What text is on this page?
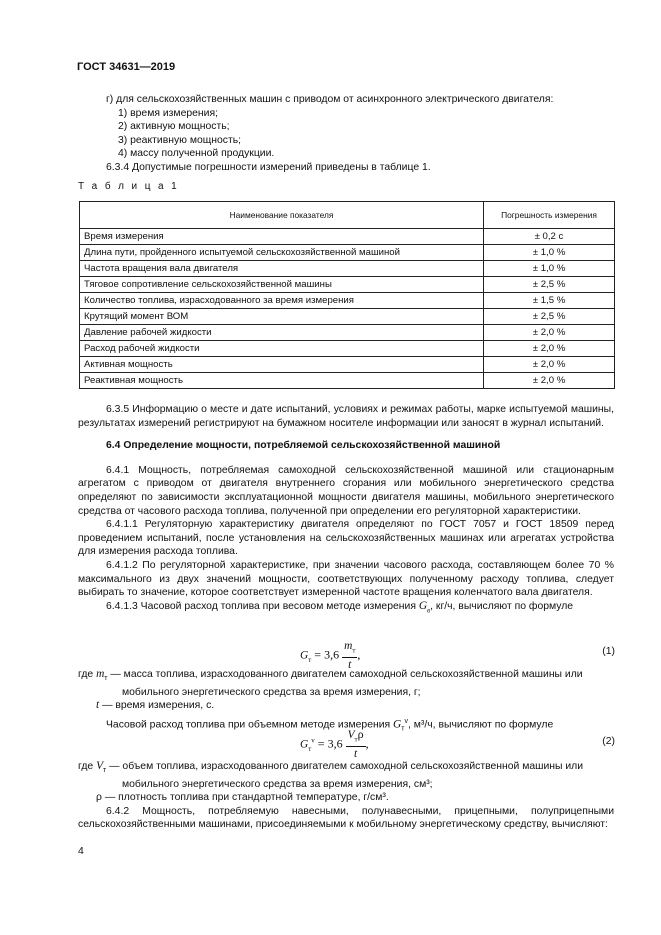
ГОСТ 34631—2019

г) для сельскохозяйственных машин с приводом от асинхронного электрического двигателя:

1) время измерения;

2) активную мощность;

3) реактивную мощность;

4) массу полученной продукции.

6.3.4 Допустимые погрешности измерений приведены в таблице 1.

Т а б л и ц а 1
Наименование показателя	Погрешность измерения
Время измерения	± 0,2 с
Длина пути, пройденного испытуемой сельскохозяйственной машиной	± 1,0 %
Частота вращения вала двигателя	± 1,0 %
Тяговое сопротивление сельскохозяйственной машины	± 2,5 %
Количество топлива, израсходованного за время измерения	± 1,5 %
Крутящий момент ВОМ	± 2,5 %
Давление рабочей жидкости	± 2,0 %
Расход рабочей жидкости	± 2,0 %
Активная мощность	± 2,0 %
Реактивная мощность	± 2,0 %

6.3.5 Информацию о месте и дате испытаний, условиях и режимах работы, марке испытуемой машины, результатах измерений регистрируют на бумажном носителе информации или заносят в журнал испытаний.

6.4 Определение мощности, потребляемой сельскохозяйственной машиной

6.4.1 Мощность, потребляемая самоходной сельскохозяйственной машиной или стационарным агрегатом с приводом от двигателя внутреннего сгорания или мобильного энергетического средства определяют по зависимости эксплуатационной мощности двигателя машины, мобильного энергетического средства от часового расхода топлива, полученной при определении его регуляторной характеристики.

6.4.1.1 Регуляторную характеристику двигателя определяют по ГОСТ 7057 и ГОСТ 18509 перед проведением испытаний, после установления на сельскохозяйственных машинах или агрегатах устройства для измерения расхода топлива.

6.4.1.2 По регуляторной характеристике, при значении часового расхода, составляющем более 70 % максимального из двух значений мощности, соответствующих полученному расходу топлива, следует выбирать то значение, которое соответствует измеренной частоте вращения коленчатого вала двигателя.

6.4.1.3 Часовой расход топлива при весовом методе измерения $G_в$, кг/ч, вычисляют по формуле

$G_т = 3,6 \frac{m_т}{t}$ ,	(1)

где $m_т$ — масса топлива, израсходованного двигателем самоходной сельскохозяйственной машины или мобильного энергетического средства за время измерения, г;

t — время измерения, с.

Часовой расход топлива при объемном методе измерения $G_т^v$, м³/ч, вычисляют по формуле

$G_т^v = 3,6 \frac{V_т\rho}{t}$ ,	(2)

где $V_т$ — объем топлива, израсходованного двигателем самоходной сельскохозяйственной машины или мобильного энергетического средства за время измерения, см³;

ρ — плотность топлива при стандартной температуре, г/см³.

6.4.2 Мощность, потребляемую навесными, полунавесными, прицепными, полуприцепными сельскохозяйственными машинами, присоединяемыми к мобильному энергетическому средству, вычисляют:

4
